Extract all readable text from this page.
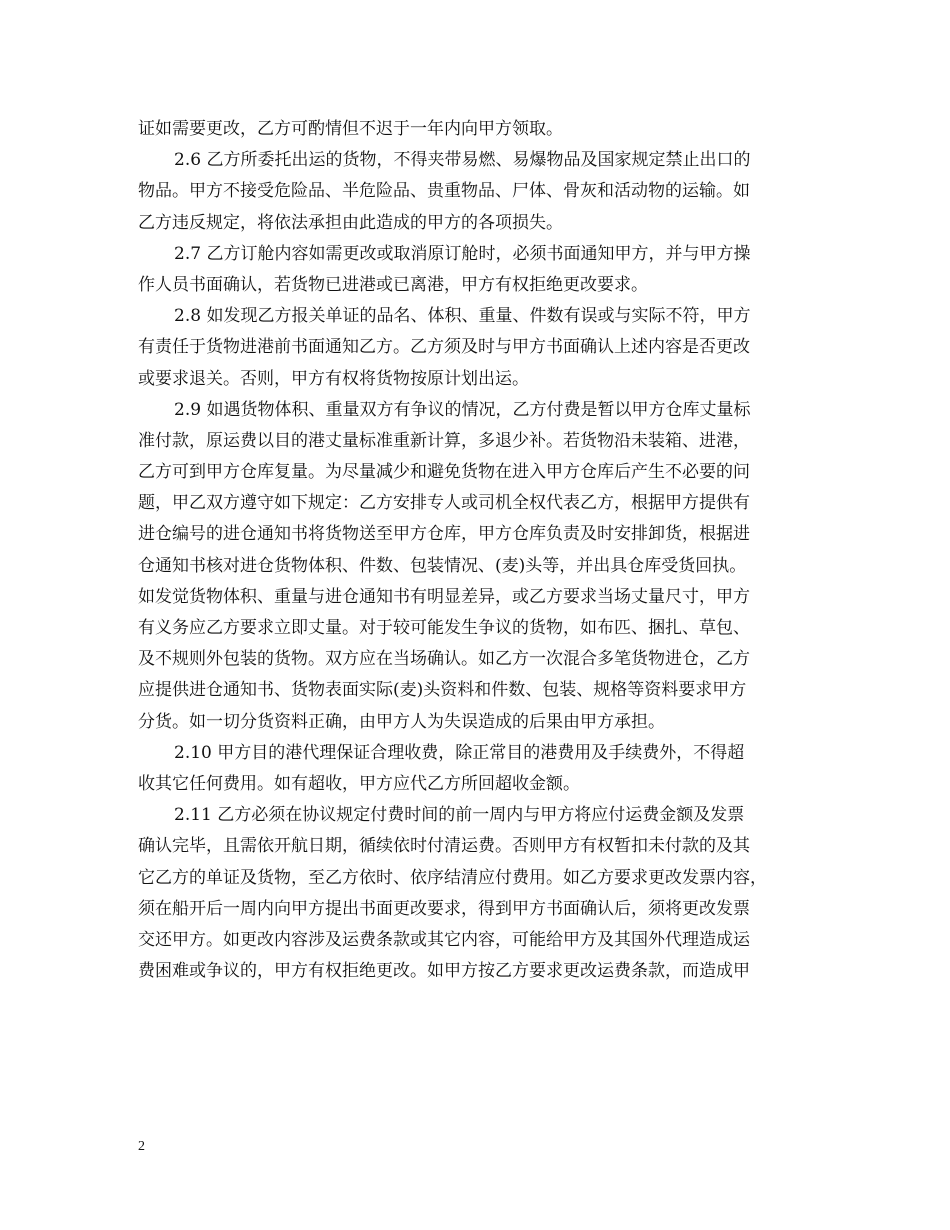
证如需要更改，乙方可酌情但不迟于一年内向甲方领取。
2.6 乙方所委托出运的货物，不得夹带易燃、易爆物品及国家规定禁止出口的
物品。甲方不接受危险品、半危险品、贵重物品、尸体、骨灰和活动物的运输。如
乙方违反规定，将依法承担由此造成的甲方的各项损失。
2.7 乙方订舱内容如需更改或取消原订舱时，必须书面通知甲方，并与甲方操
作人员书面确认，若货物已进港或已离港，甲方有权拒绝更改要求。
2.8 如发现乙方报关单证的品名、体积、重量、件数有误或与实际不符，甲方
有责任于货物进港前书面通知乙方。乙方须及时与甲方书面确认上述内容是否更改
或要求退关。否则，甲方有权将货物按原计划出运。
2.9 如遇货物体积、重量双方有争议的情况，乙方付费是暂以甲方仓库丈量标
准付款，原运费以目的港丈量标准重新计算，多退少补。若货物沿未装箱、进港，
乙方可到甲方仓库复量。为尽量减少和避免货物在进入甲方仓库后产生不必要的问
题，甲乙双方遵守如下规定：乙方安排专人或司机全权代表乙方，根据甲方提供有
进仓编号的进仓通知书将货物送至甲方仓库，甲方仓库负责及时安排卸货，根据进
仓通知书核对进仓货物体积、件数、包装情况、(麦)头等，并出具仓库受货回执。
如发觉货物体积、重量与进仓通知书有明显差异，或乙方要求当场丈量尺寸，甲方
有义务应乙方要求立即丈量。对于较可能发生争议的货物，如布匹、捆扎、草包、
及不规则外包装的货物。双方应在当场确认。如乙方一次混合多笔货物进仓，乙方
应提供进仓通知书、货物表面实际(麦)头资料和件数、包装、规格等资料要求甲方
分货。如一切分货资料正确，由甲方人为失误造成的后果由甲方承担。
2.10 甲方目的港代理保证合理收费，除正常目的港费用及手续费外，不得超
收其它任何费用。如有超收，甲方应代乙方所回超收金额。
2.11 乙方必须在协议规定付费时间的前一周内与甲方将应付运费金额及发票
确认完毕，且需依开航日期，循续依时付清运费。否则甲方有权暂扣未付款的及其
它乙方的单证及货物，至乙方依时、依序结清应付费用。如乙方要求更改发票内容，
须在船开后一周内向甲方提出书面更改要求，得到甲方书面确认后，须将更改发票
交还甲方。如更改内容涉及运费条款或其它内容，可能给甲方及其国外代理造成运
费困难或争议的，甲方有权拒绝更改。如甲方按乙方要求更改运费条款，而造成甲
2
